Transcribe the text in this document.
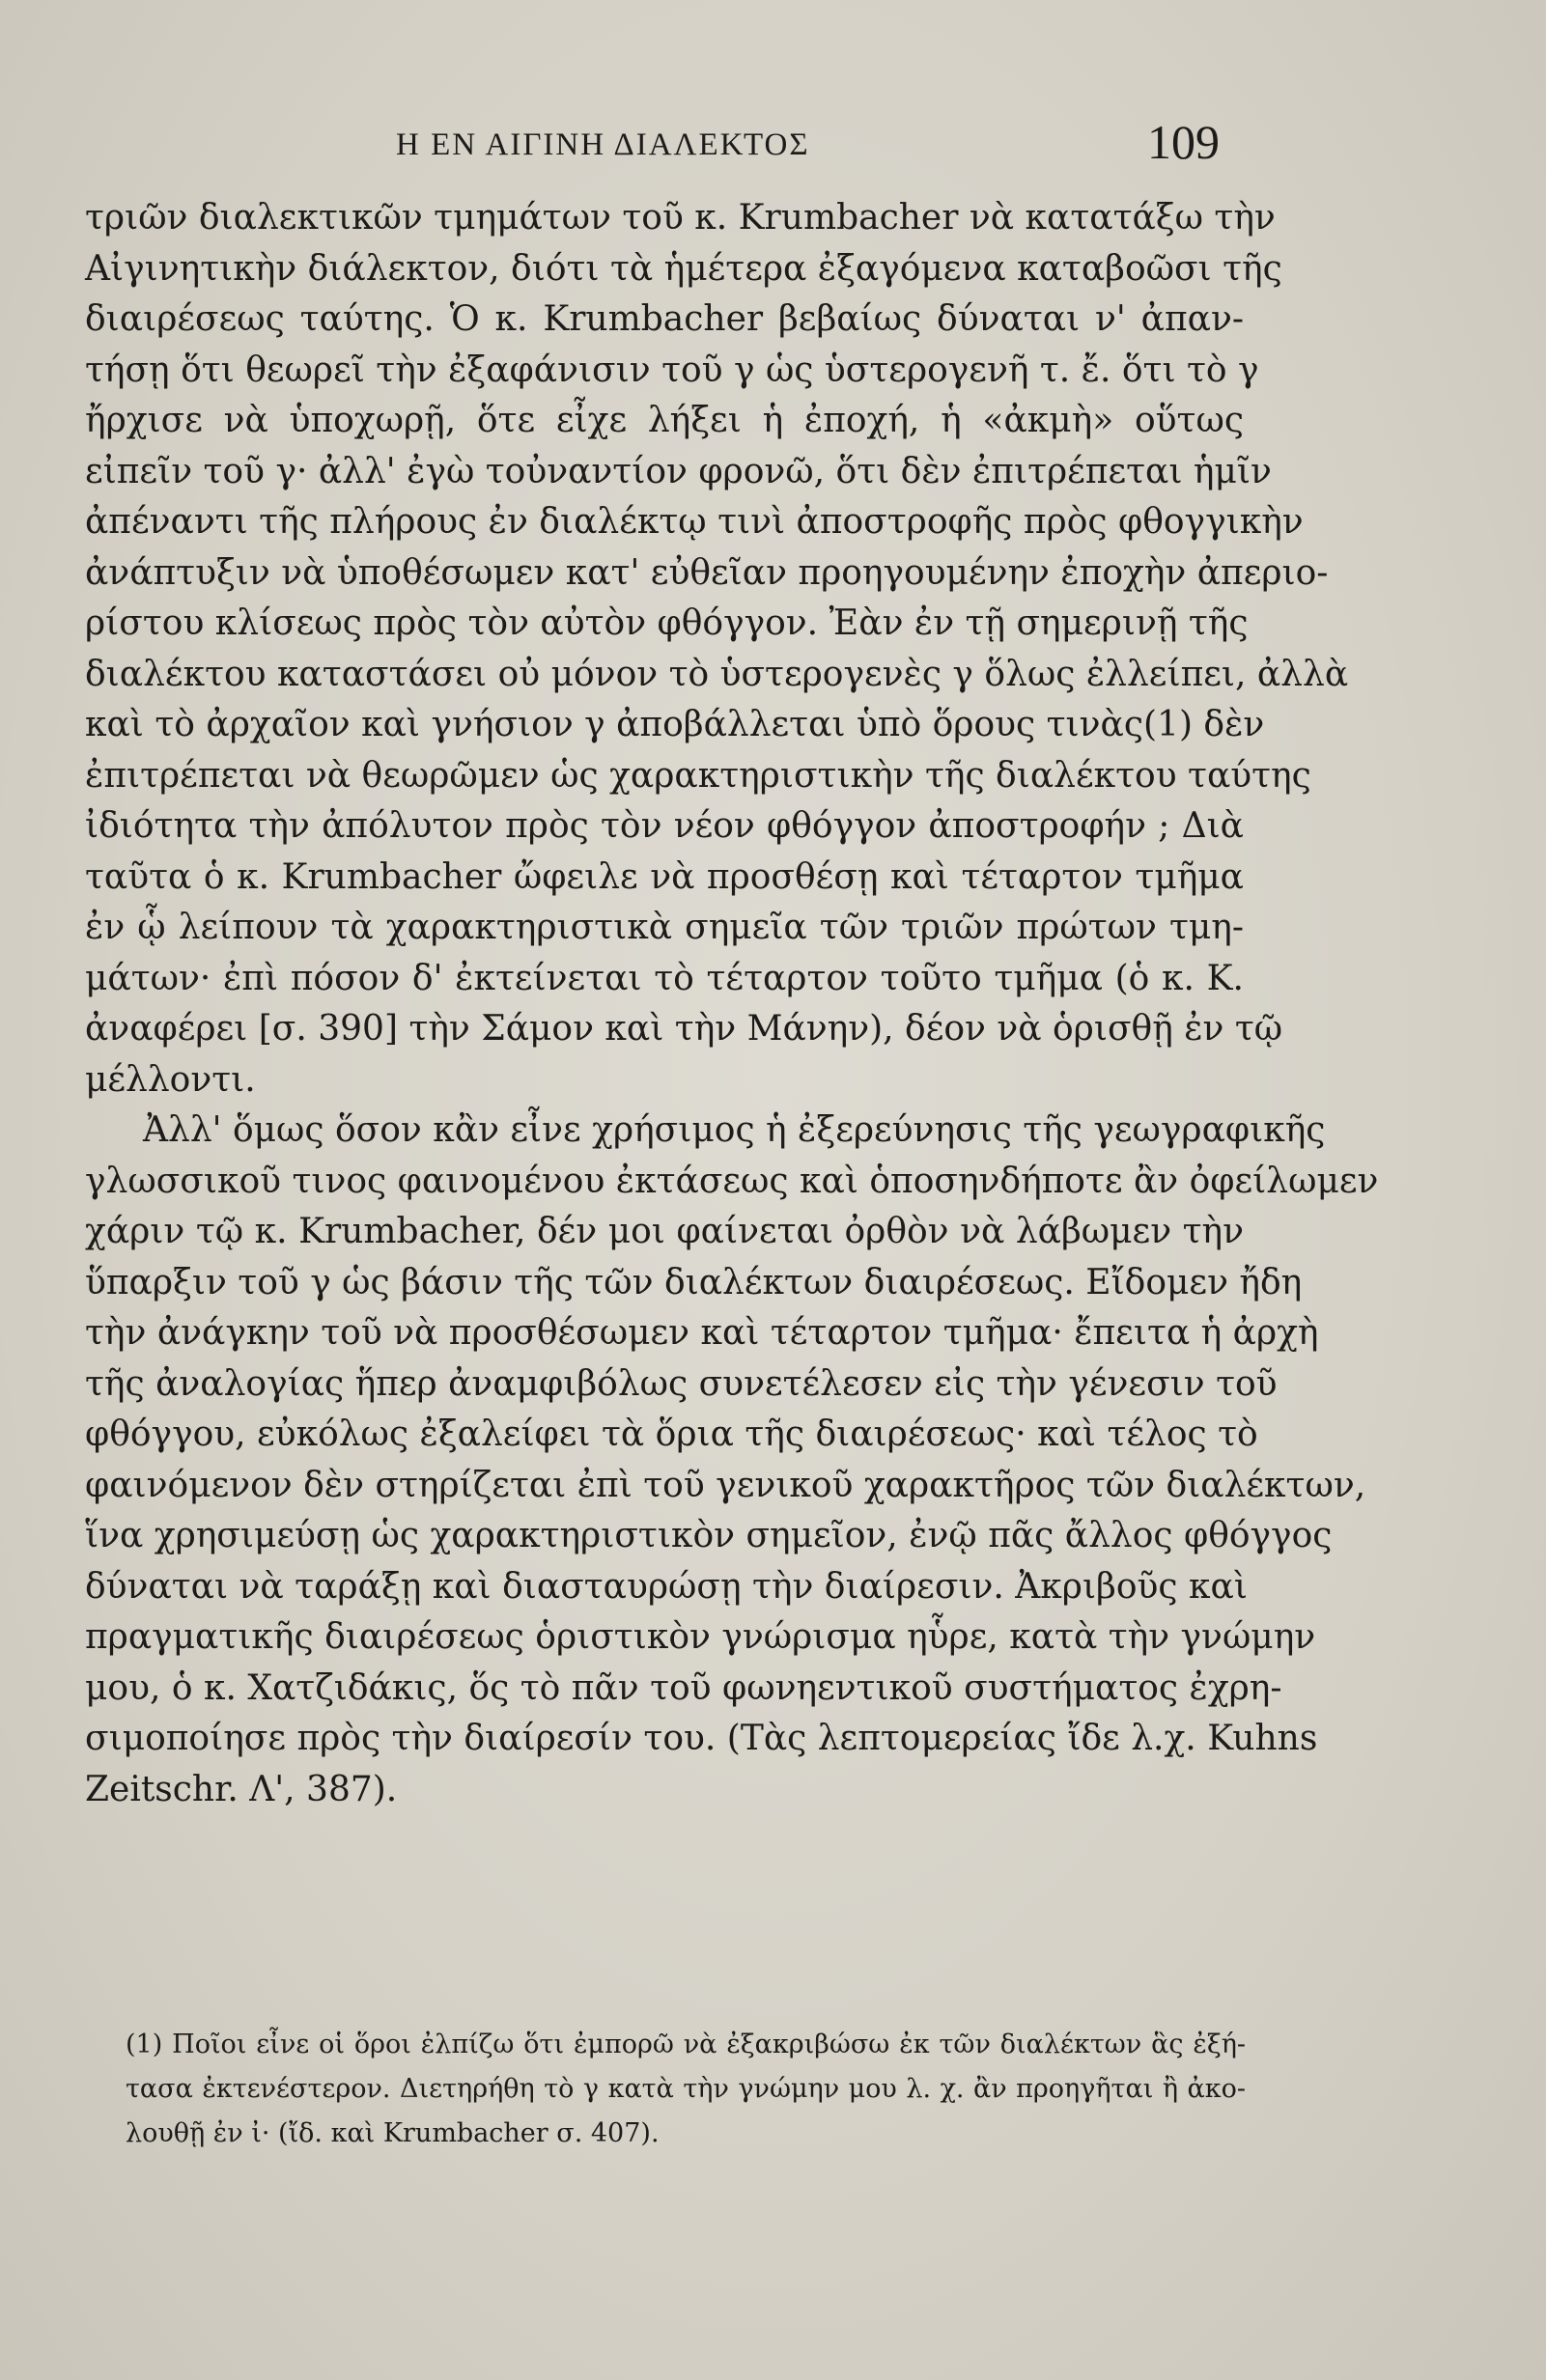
Η ΕΝ ΑΙΓΙΝΗ ΔΙΑΛΕΚΤΟΣ	109
τριῶν διαλεκτικῶν τμημάτων τοῦ κ. Krumbacher νὰ κατατάξω τὴν
Αἰγινητικὴν διάλεκτον, διότι τὰ ἡμέτερα ἐξαγόμενα καταβοῶσι τῆς
διαιρέσεως ταύτης. Ὁ κ. Krumbacher βεβαίως δύναται ν' ἀπαν-
τήσῃ ὅτι θεωρεῖ τὴν ἐξαφάνισιν τοῦ γ ὡς ὑστερογενῆ τ. ἔ. ὅτι τὸ γ
ἤρχισε νὰ ὑποχωρῇ, ὅτε εἶχε λήξει ἡ ἐποχή, ἡ «ἀκμὴ» οὕτως
εἰπεῖν τοῦ γ· ἀλλ' ἐγὼ τοὐναντίον φρονῶ, ὅτι δὲν ἐπιτρέπεται ἡμῖν
ἀπέναντι τῆς πλήρους ἐν διαλέκτῳ τινὶ ἀποστροφῆς πρὸς φθογγικὴν
ἀνάπτυξιν νὰ ὑποθέσωμεν κατ' εὐθεῖαν προηγουμένην ἐποχὴν ἀπεριο-
ρίστου κλίσεως πρὸς τὸν αὐτὸν φθόγγον. Ἐὰν ἐν τῇ σημερινῇ τῆς
διαλέκτου καταστάσει οὐ μόνον τὸ ὑστερογενὲς γ ὅλως ἐλλείπει, ἀλλὰ
καὶ τὸ ἀρχαῖον καὶ γνήσιον γ ἀποβάλλεται ὑπὸ ὅρους τινὰς(1) δὲν
ἐπιτρέπεται νὰ θεωρῶμεν ὡς χαρακτηριστικὴν τῆς διαλέκτου ταύτης
ἰδιότητα τὴν ἀπόλυτον πρὸς τὸν νέον φθόγγον ἀποστροφήν ; Διὰ
ταῦτα ὁ κ. Krumbacher ὤφειλε νὰ προσθέσῃ καὶ τέταρτον τμῆμα
ἐν ᾧ λείπουν τὰ χαρακτηριστικὰ σημεῖα τῶν τριῶν πρώτων τμη-
μάτων· ἐπὶ πόσον δ' ἐκτείνεται τὸ τέταρτον τοῦτο τμῆμα (ὁ κ. Κ.
ἀναφέρει [σ. 390] τὴν Σάμον καὶ τὴν Μάνην), δέον νὰ ὁρισθῇ ἐν τῷ
μέλλοντι.
Ἀλλ' ὅμως ὅσον κἂν εἶνε χρήσιμος ἡ ἐξερεύνησις τῆς γεωγραφικῆς
γλωσσικοῦ τινος φαινομένου ἐκτάσεως καὶ ὁποσηνδήποτε ἂν ὀφείλωμεν
χάριν τῷ κ. Krumbacher, δέν μοι φαίνεται ὀρθὸν νὰ λάβωμεν τὴν
ὕπαρξιν τοῦ γ ὡς βάσιν τῆς τῶν διαλέκτων διαιρέσεως. Εἴδομεν ἤδη
τὴν ἀνάγκην τοῦ νὰ προσθέσωμεν καὶ τέταρτον τμῆμα· ἔπειτα ἡ ἀρχὴ
τῆς ἀναλογίας ἥπερ ἀναμφιβόλως συνετέλεσεν εἰς τὴν γένεσιν τοῦ
φθόγγου, εὐκόλως ἐξαλείφει τὰ ὅρια τῆς διαιρέσεως· καὶ τέλος τὸ
φαινόμενον δὲν στηρίζεται ἐπὶ τοῦ γενικοῦ χαρακτῆρος τῶν διαλέκτων,
ἵνα χρησιμεύσῃ ὡς χαρακτηριστικὸν σημεῖον, ἐνῷ πᾶς ἄλλος φθόγγος
δύναται νὰ ταράξῃ καὶ διασταυρώσῃ τὴν διαίρεσιν. Ἀκριβοῦς καὶ
πραγματικῆς διαιρέσεως ὁριστικὸν γνώρισμα ηὗρε, κατὰ τὴν γνώμην
μου, ὁ κ. Χατζιδάκις, ὅς τὸ πᾶν τοῦ φωνηεντικοῦ συστήματος ἐχρη-
σιμοποίησε πρὸς τὴν διαίρεσίν του. (Τὰς λεπτομερείας ἴδε λ.χ. Kuhns
Zeitschr. Λ', 387).
(1) Ποῖοι εἶνε οἱ ὅροι ἐλπίζω ὅτι ἐμπορῶ νὰ ἐξακριβώσω ἐκ τῶν διαλέκτων ἃς ἐξή-
τασα ἐκτενέστερον. Διετηρήθη τὸ γ κατὰ τὴν γνώμην μου λ. χ. ἂν προηγῆται ἢ ἀκο-
λουθῇ ἐν ἰ· (ἴδ. καὶ Krumbacher σ. 407).
